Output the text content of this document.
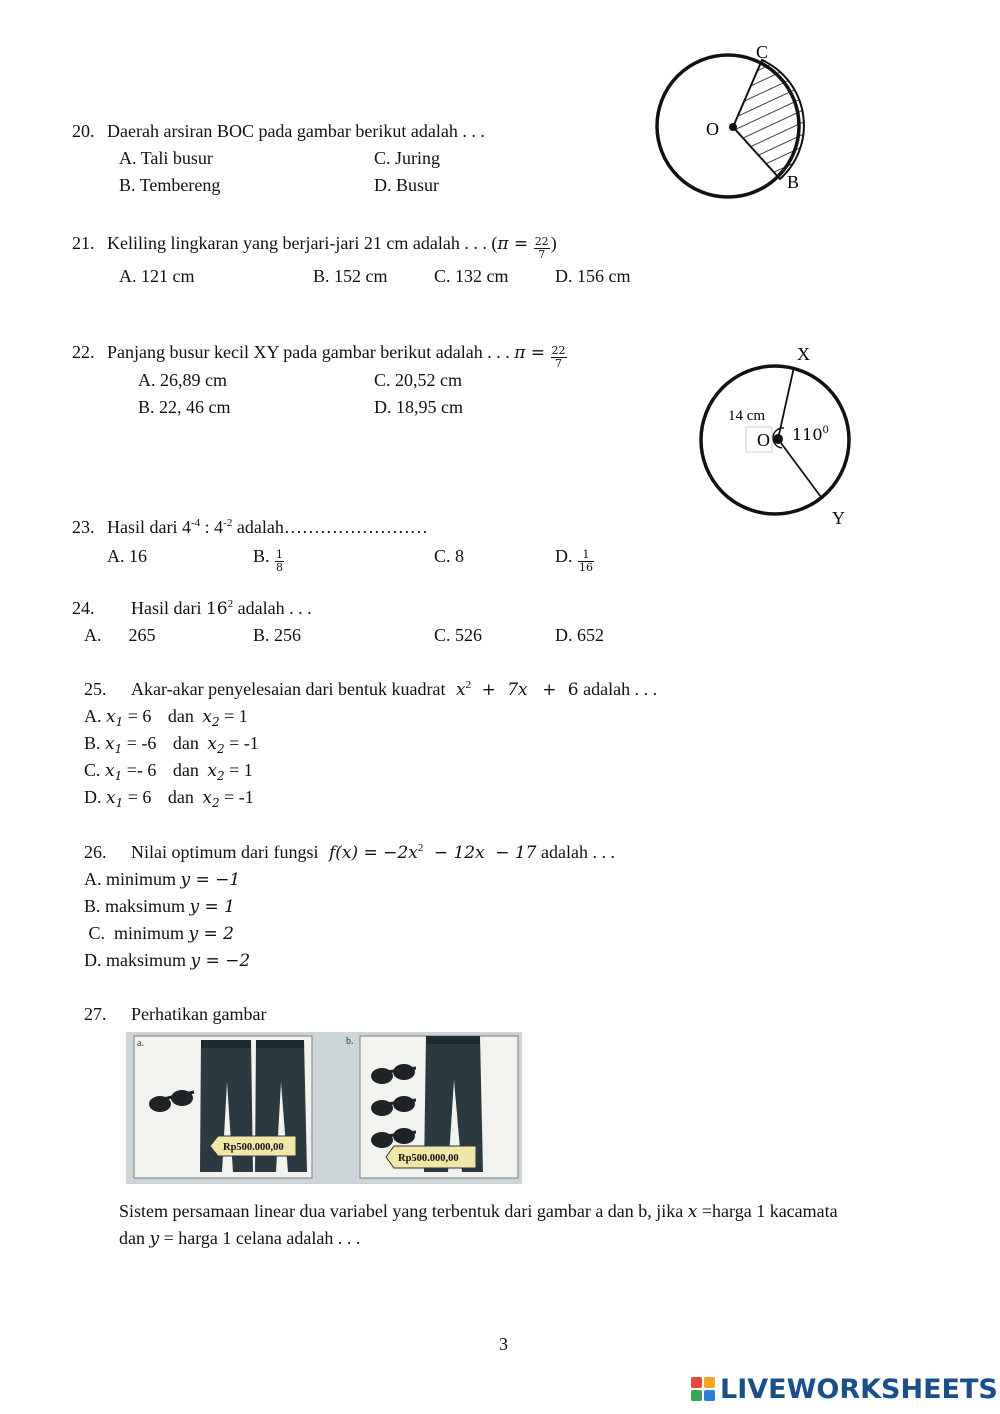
20. Daerah arsiran BOC pada gambar berikut adalah . . .
A. Tali busur	C. Juring
B. Tembereng	D. Busur
C
O
B
21. Keliling lingkaran yang berjari-jari 21 cm adalah . . . ($\pi = \frac{22}{7}$ )
A. 121 cm	B. 152 cm	C. 132 cm	D. 156 cm
22. Panjang busur kecil XY pada gambar berikut adalah . . . $\pi = \frac{22}{7}$
A. 26,89 cm	C. 20,52 cm
B. 22, 46 cm	D. 18,95 cm
X
Y
14 cm
O $110^0$
23. Hasil dari $4^{-4}$ : $4^{-2}$ adalah……………………
A. 16	B. $\frac{1}{8}$	C. 8	D. $\frac{1}{16}$
24. Hasil dari $16^2$ adalah . . .
A. 265	B. 256	C. 526	D. 652
25. Akar-akar penyelesaian dari bentuk kuadrat $x^2 + 7x + 6$ adalah . . .
A. $x_1 = 6$ dan $x_2 = 1$
B. $x_1 = -6$ dan $x_2 = -1$
C. $x_1 =- 6$ dan $x_2 = 1$
D. $x_1 = 6$ dan $x_2 = -1$
26. Nilai optimum dari fungsi $f(x) = -2x^2 - 12x - 17$ adalah . . .
A. minimum y = −1
B. maksimum y = 1
C.  minimum y = 2
D. maksimum y = −2
27. Perhatikan gambar
a.
Rp500.000,00
b.
Rp500.000,00
Sistem persamaan linear dua variabel yang terbentuk dari gambar a dan b, jika x =harga 1 kacamata
dan y = harga 1 celana adalah . . .
3
LIVEWORKSHEETS
